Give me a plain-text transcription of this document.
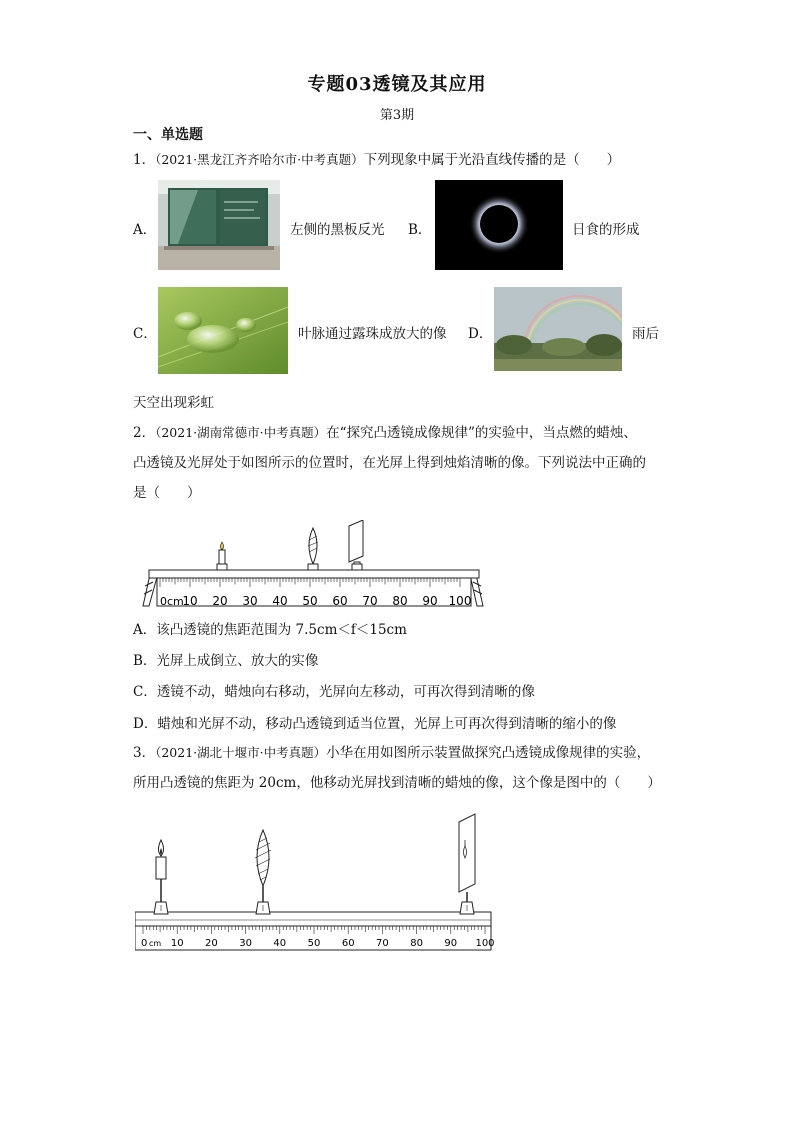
专题03透镜及其应用
第3期
一、单选题
1．（2021·黑龙江齐齐哈尔市·中考真题）下列现象中属于光沿直线传播的是（　　）
A．	左侧的黑板反光 B．	日食的形成
C．	叶脉通过露珠成放大的像 D．	雨后
天空出现彩虹
2．（2021·湖南常德市·中考真题）在“探究凸透镜成像规律”的实验中，当点燃的蜡烛、
凸透镜及光屏处于如图所示的位置时，在光屏上得到烛焰清晰的像。下列说法中正确的
是（　　）
0cm
10 20 30 40 50 60 70 80 90 100
A．该凸透镜的焦距范围为 7.5cm＜f＜15cm
B．光屏上成倒立、放大的实像
C．透镜不动，蜡烛向右移动，光屏向左移动，可再次得到清晰的像
D．蜡烛和光屏不动，移动凸透镜到适当位置，光屏上可再次得到清晰的缩小的像
3．（2021·湖北十堰市·中考真题）小华在用如图所示装置做探究凸透镜成像规律的实验，
所用凸透镜的焦距为 20cm，他移动光屏找到清晰的蜡烛的像，这个像是图中的（　　）
0 cm 10 20 30 40 50 60 70 80 90 100
